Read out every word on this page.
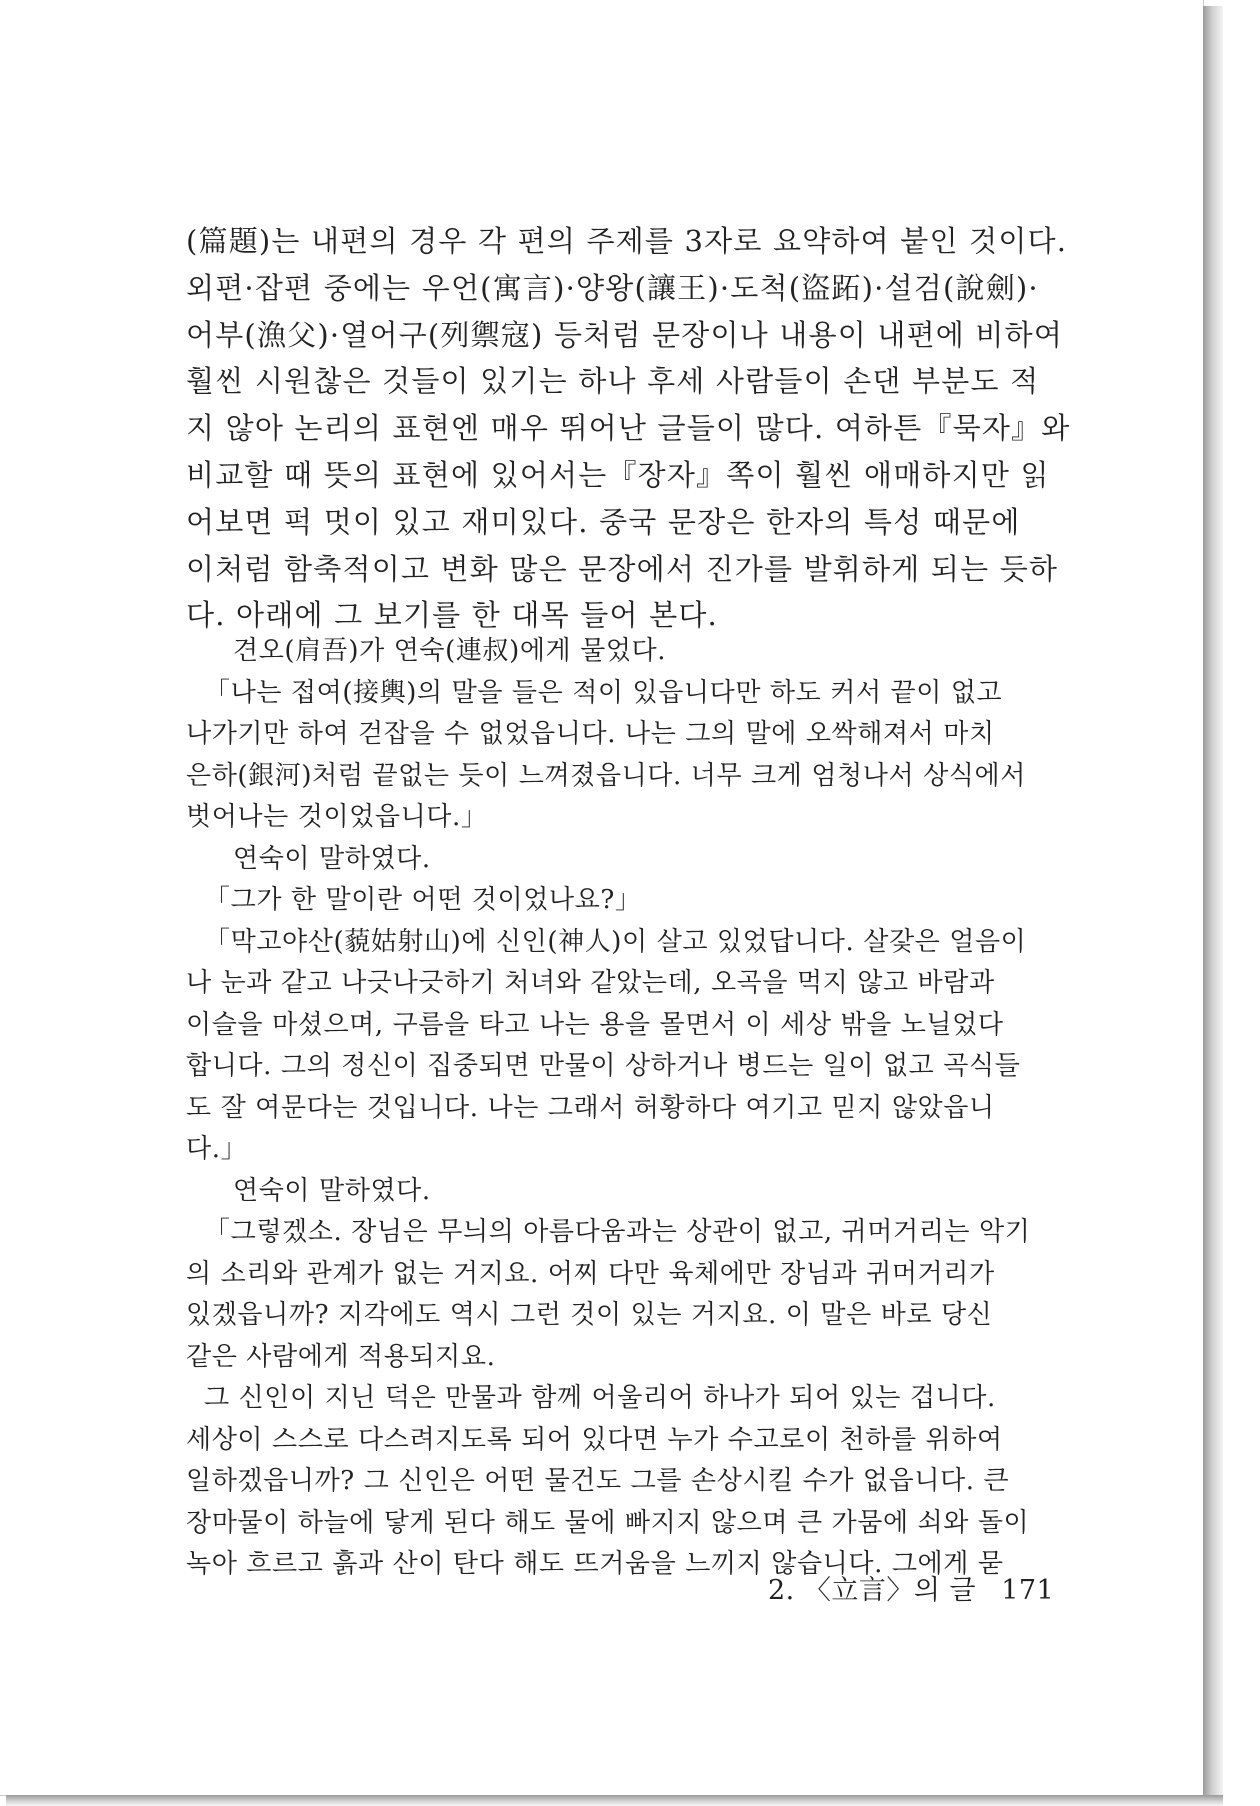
(篇題)는 내편의 경우 각 편의 주제를 3자로 요약하여 붙인 것이다.
외편·잡편 중에는 우언(寓言)·양왕(讓王)·도척(盜跖)·설검(說劍)·
어부(漁父)·열어구(列禦寇) 등처럼 문장이나 내용이 내편에 비하여
훨씬 시원찮은 것들이 있기는 하나 후세 사람들이 손댄 부분도 적
지 않아 논리의 표현엔 매우 뛰어난 글들이 많다. 여하튼『묵자』와
비교할 때 뜻의 표현에 있어서는『장자』쪽이 훨씬 애매하지만 읽
어보면 퍽 멋이 있고 재미있다. 중국 문장은 한자의 특성 때문에
이처럼 함축적이고 변화 많은 문장에서 진가를 발휘하게 되는 듯하
다. 아래에 그 보기를 한 대목 들어 본다.
견오(肩吾)가 연숙(連叔)에게 물었다.
「나는 접여(接輿)의 말을 들은 적이 있읍니다만 하도 커서 끝이 없고
나가기만 하여 걷잡을 수 없었읍니다. 나는 그의 말에 오싹해져서 마치
은하(銀河)처럼 끝없는 듯이 느껴졌읍니다. 너무 크게 엄청나서 상식에서
벗어나는 것이었읍니다.」
연숙이 말하였다.
「그가 한 말이란 어떤 것이었나요?」
「막고야산(藐姑射山)에 신인(神人)이 살고 있었답니다. 살갗은 얼음이
나 눈과 같고 나긋나긋하기 처녀와 같았는데, 오곡을 먹지 않고 바람과
이슬을 마셨으며, 구름을 타고 나는 용을 몰면서 이 세상 밖을 노닐었다
합니다. 그의 정신이 집중되면 만물이 상하거나 병드는 일이 없고 곡식들
도 잘 여문다는 것입니다. 나는 그래서 허황하다 여기고 믿지 않았읍니
다.」
연숙이 말하였다.
「그렇겠소. 장님은 무늬의 아름다움과는 상관이 없고, 귀머거리는 악기
의 소리와 관계가 없는 거지요. 어찌 다만 육체에만 장님과 귀머거리가
있겠읍니까? 지각에도 역시 그런 것이 있는 거지요. 이 말은 바로 당신
같은 사람에게 적용되지요.
그 신인이 지닌 덕은 만물과 함께 어울리어 하나가 되어 있는 겁니다.
세상이 스스로 다스려지도록 되어 있다면 누가 수고로이 천하를 위하여
일하겠읍니까? 그 신인은 어떤 물건도 그를 손상시킬 수가 없읍니다. 큰
장마물이 하늘에 닿게 된다 해도 물에 빠지지 않으며 큰 가뭄에 쇠와 돌이
녹아 흐르고 흙과 산이 탄다 해도 뜨거움을 느끼지 않습니다. 그에게 묻
2. 〈立言〉의 글 171
